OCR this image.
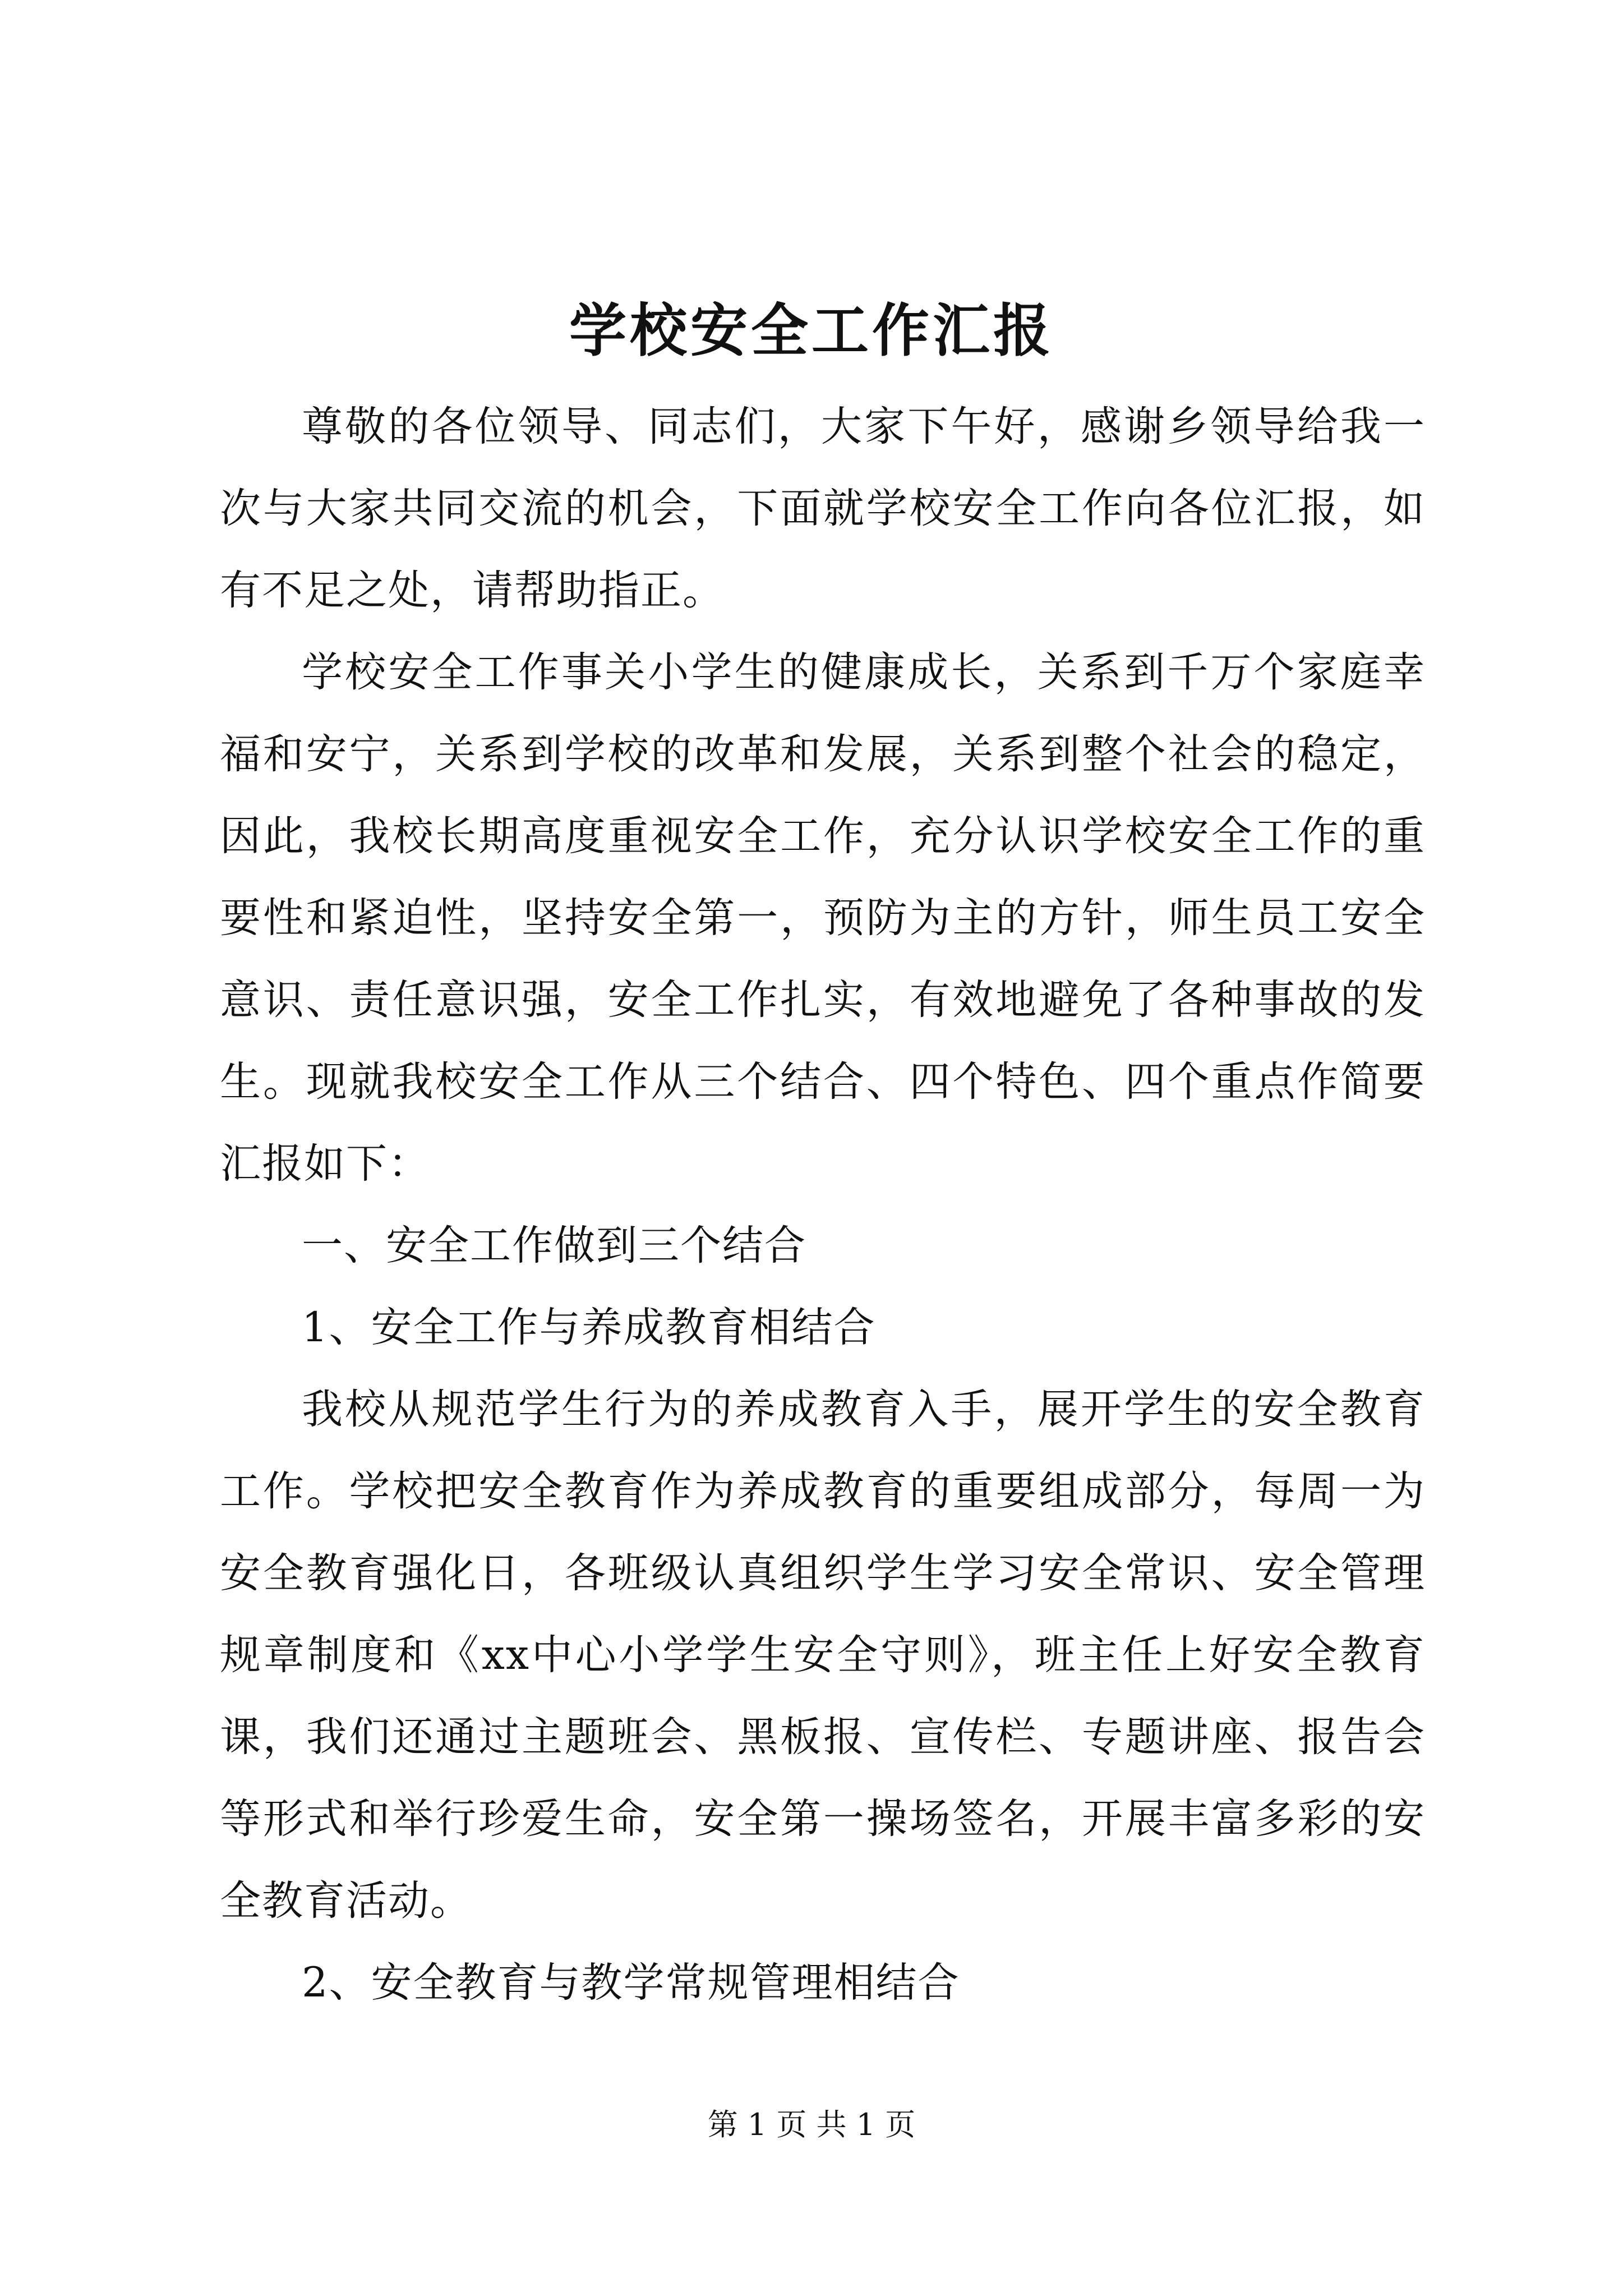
学校安全工作汇报

尊敬的各位领导、同志们，大家下午好，感谢乡领导给我一次与大家共同交流的机会，下面就学校安全工作向各位汇报，如有不足之处，请帮助指正。

学校安全工作事关小学生的健康成长，关系到千万个家庭幸福和安宁，关系到学校的改革和发展，关系到整个社会的稳定，因此，我校长期高度重视安全工作，充分认识学校安全工作的重要性和紧迫性，坚持安全第一，预防为主的方针，师生员工安全意识、责任意识强，安全工作扎实，有效地避免了各种事故的发生。现就我校安全工作从三个结合、四个特色、四个重点作简要汇报如下：

一、安全工作做到三个结合

1、安全工作与养成教育相结合

我校从规范学生行为的养成教育入手，展开学生的安全教育工作。学校把安全教育作为养成教育的重要组成部分，每周一为安全教育强化日，各班级认真组织学生学习安全常识、安全管理规章制度和《xx中心小学学生安全守则》，班主任上好安全教育课，我们还通过主题班会、黑板报、宣传栏、专题讲座、报告会等形式和举行珍爱生命，安全第一操场签名，开展丰富多彩的安全教育活动。

2、安全教育与教学常规管理相结合

第 1 页 共 1 页
